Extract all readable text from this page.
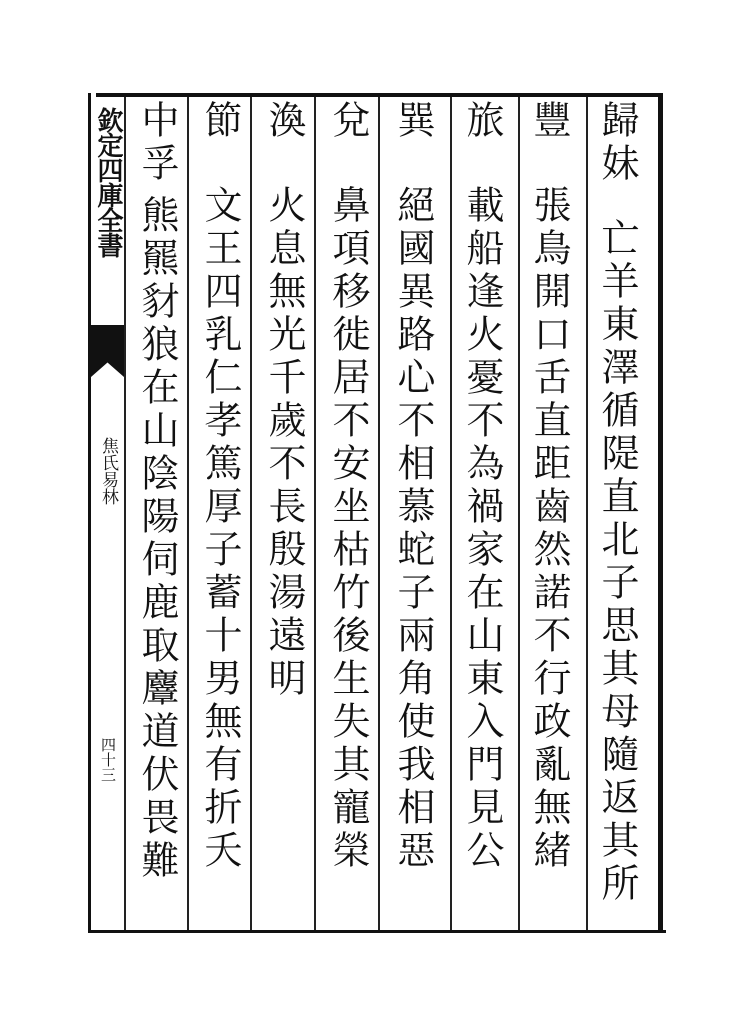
欽定四庫全書
焦氏易林
四十三
歸妹
亡羊東澤循隄直北子思其母隨返其所
豐
張鳥開口舌直距齒然諾不行政亂無緒
旅
載船逢火憂不為禍家在山東入門見公
巽
絕國異路心不相慕蛇子兩角使我相惡
兌
鼻項移徙居不安坐枯竹後生失其寵榮
渙
火息無光千歲不長殷湯遠明
節
文王四乳仁孝篤厚子蓄十男無有折夭
中孚
熊羆豺狼在山陰陽伺鹿取麞道伏畏難
